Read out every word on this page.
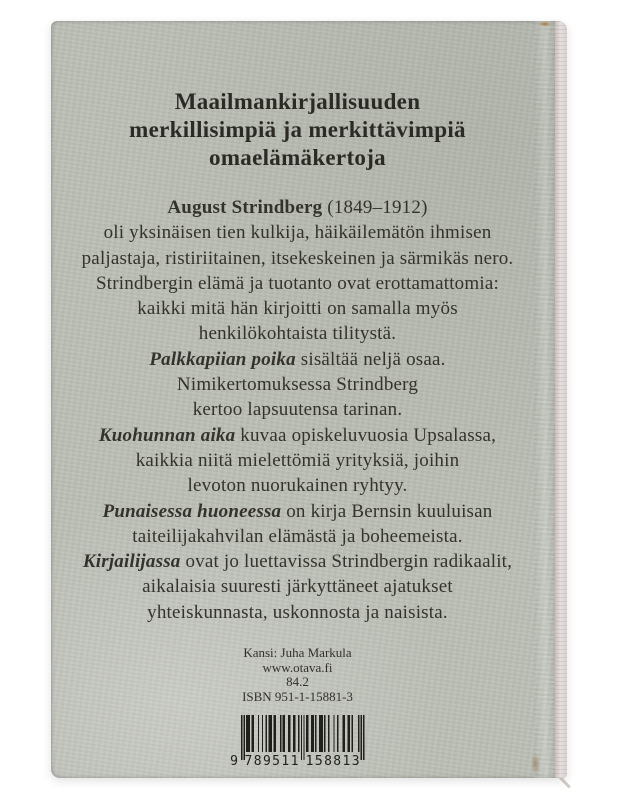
Maailmankirjallisuuden
merkillisimpiä ja merkittävimpiä
omaelämäkertoja
August Strindberg (1849–1912)
oli yksinäisen tien kulkija, häikäilemätön ihmisen
paljastaja, ristiriitainen, itsekeskeinen ja särmikäs nero.
Strindbergin elämä ja tuotanto ovat erottamattomia:
kaikki mitä hän kirjoitti on samalla myös
henkilökohtaista tilitystä.
Palkkapiian poika sisältää neljä osaa.
Nimikertomuksessa Strindberg
kertoo lapsuutensa tarinan.
Kuohunnan aika kuvaa opiskeluvuosia Upsalassa,
kaikkia niitä mielettömiä yrityksiä, joihin
levoton nuorukainen ryhtyy.
Punaisessa huoneessa on kirja Bernsin kuuluisan
taiteilijakahvilan elämästä ja boheemeista.
Kirjailijassa ovat jo luettavissa Strindbergin radikaalit,
aikalaisia suuresti järkyttäneet ajatukset
yhteiskunnasta, uskonnosta ja naisista.
Kansi: Juha Markula
www.otava.fi
84.2
ISBN 951-1-15881-3
9 789511 158813
